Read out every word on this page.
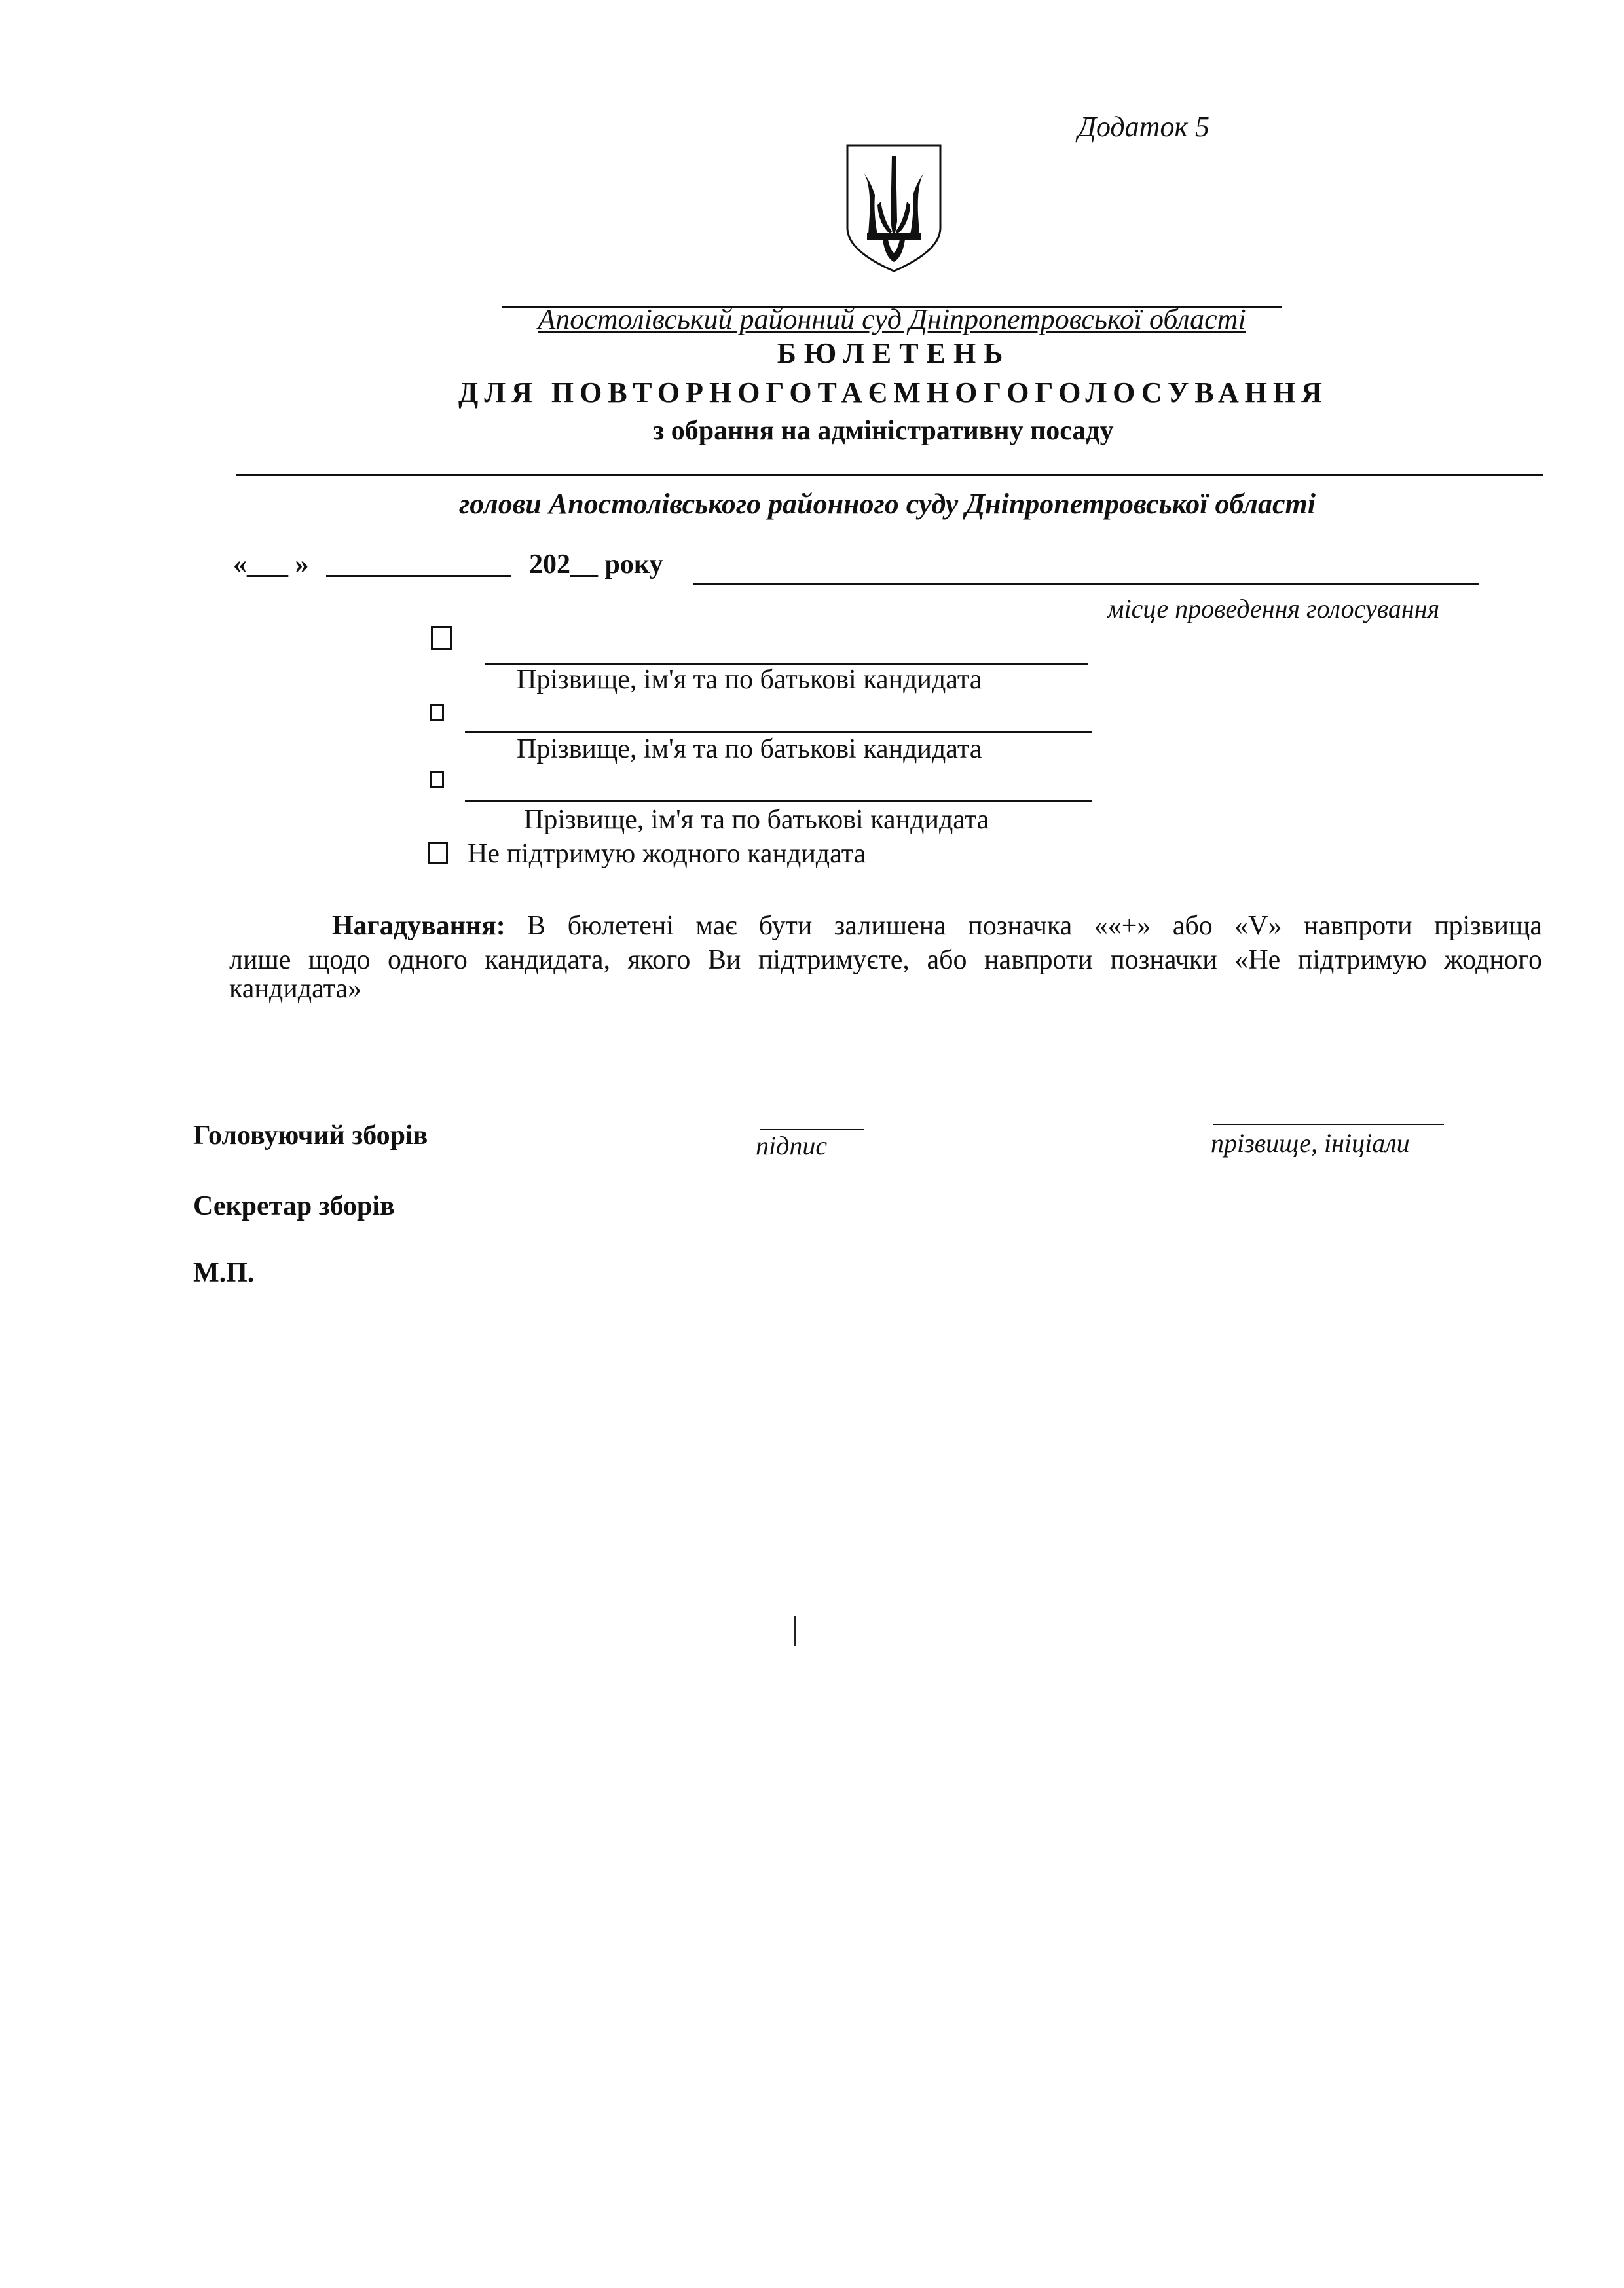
Додаток 5
Апостолівський районний суд Дніпропетровської області
БЮЛЕТЕНЬ
ДЛЯ ПОВТОРНОГОТАЄМНОГОГОЛОСУВАННЯ
з обрання на адміністративну посаду
голови Апостолівського районного суду Дніпропетровської області
«___ »	202__ року
місце проведення голосування
Прізвище, ім'я та по батькові кандидата
Прізвище, ім'я та по батькові кандидата
Прізвище, ім'я та по батькові кандидата
Не підтримую жодного кандидата
Нагадування: В бюлетені має бути залишена позначка ««+» або «V» навпроти прізвища
лише щодо одного кандидата, якого Ви підтримуєте, або навпроти позначки «Не підтримую жодного
кандидата»
Головуючий зборів	підпис	прізвище, ініціали
Секретар зборів
М.П.
